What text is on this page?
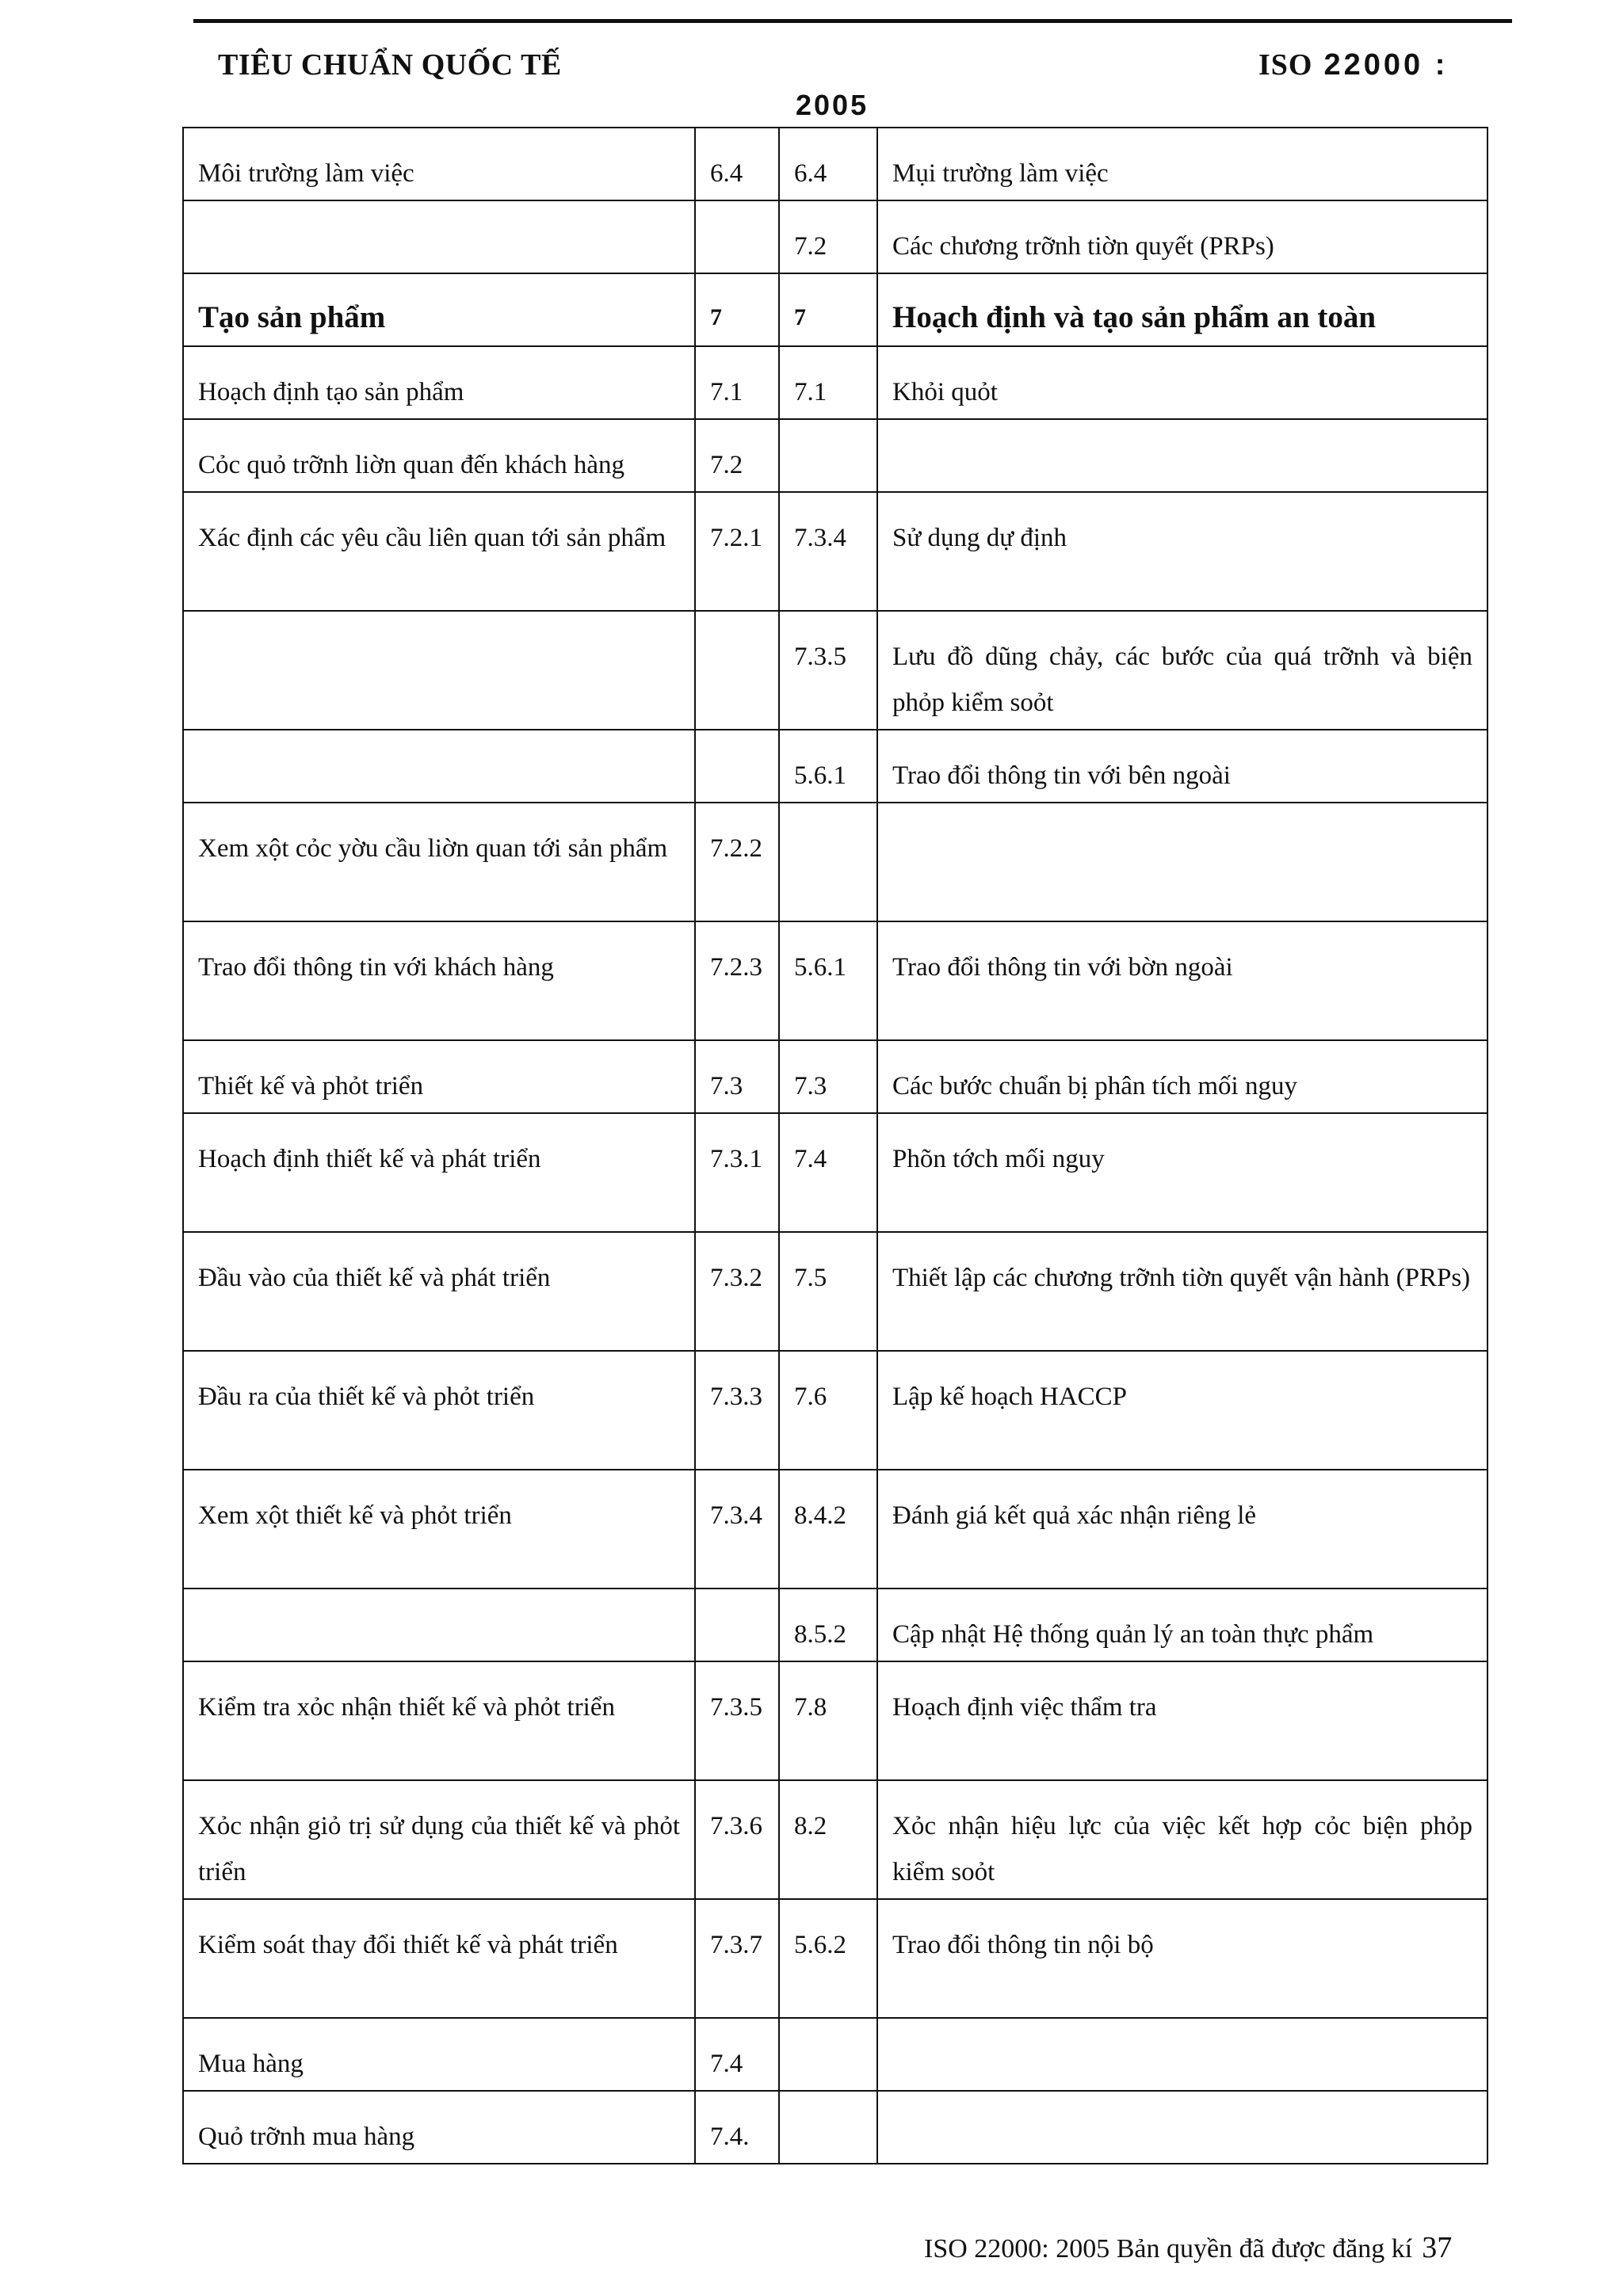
TIÊU CHUẨN QUỐC TẾ	ISO 22000 :
2005
Môi trường làm việc	6.4	6.4	Mụi trường làm việc
		7.2	Các chương trỡnh tiờn quyết (PRPs)
Tạo sản phẩm	7	7	Hoạch định và tạo sản phẩm an toàn
Hoạch định tạo sản phẩm	7.1	7.1	Khỏi quỏt
Cỏc quỏ trỡnh liờn quan đến khách hàng	7.2		
Xác định các yêu cầu liên quan tới sản phẩm	7.2.1	7.3.4	Sử dụng dự định
		7.3.5	Lưu đồ dũng chảy, các bước của quá trỡnh và biện phỏp kiểm soỏt
		5.6.1	Trao đổi thông tin với bên ngoài
Xem xột cỏc yờu cầu liờn quan tới sản phẩm	7.2.2		
Trao đổi thông tin với khách hàng	7.2.3	5.6.1	Trao đổi thông tin với bờn ngoài
Thiết kế và phỏt triển	7.3	7.3	Các bước chuẩn bị phân tích mối nguy
Hoạch định thiết kế và phát triển	7.3.1	7.4	Phõn tớch mối nguy
Đầu vào của thiết kế và phát triển	7.3.2	7.5	Thiết lập các chương trỡnh tiờn quyết vận hành (PRPs)
Đầu ra của thiết kế và phỏt triển	7.3.3	7.6	Lập kế hoạch HACCP
Xem xột thiết kế và phỏt triển	7.3.4	8.4.2	Đánh giá kết quả xác nhận riêng lẻ
		8.5.2	Cập nhật Hệ thống quản lý an toàn thực phẩm
Kiểm tra xỏc nhận thiết kế và phỏt triển	7.3.5	7.8	Hoạch định việc thẩm tra
Xỏc nhận giỏ trị sử dụng của thiết kế và phỏt triển	7.3.6	8.2	Xỏc nhận hiệu lực của việc kết hợp cỏc biện phỏp kiểm soỏt
Kiểm soát thay đổi thiết kế và phát triển	7.3.7	5.6.2	Trao đổi thông tin nội bộ
Mua hàng	7.4		
Quỏ trỡnh mua hàng	7.4.		
ISO 22000: 2005 Bản quyền đã được đăng kí 37
